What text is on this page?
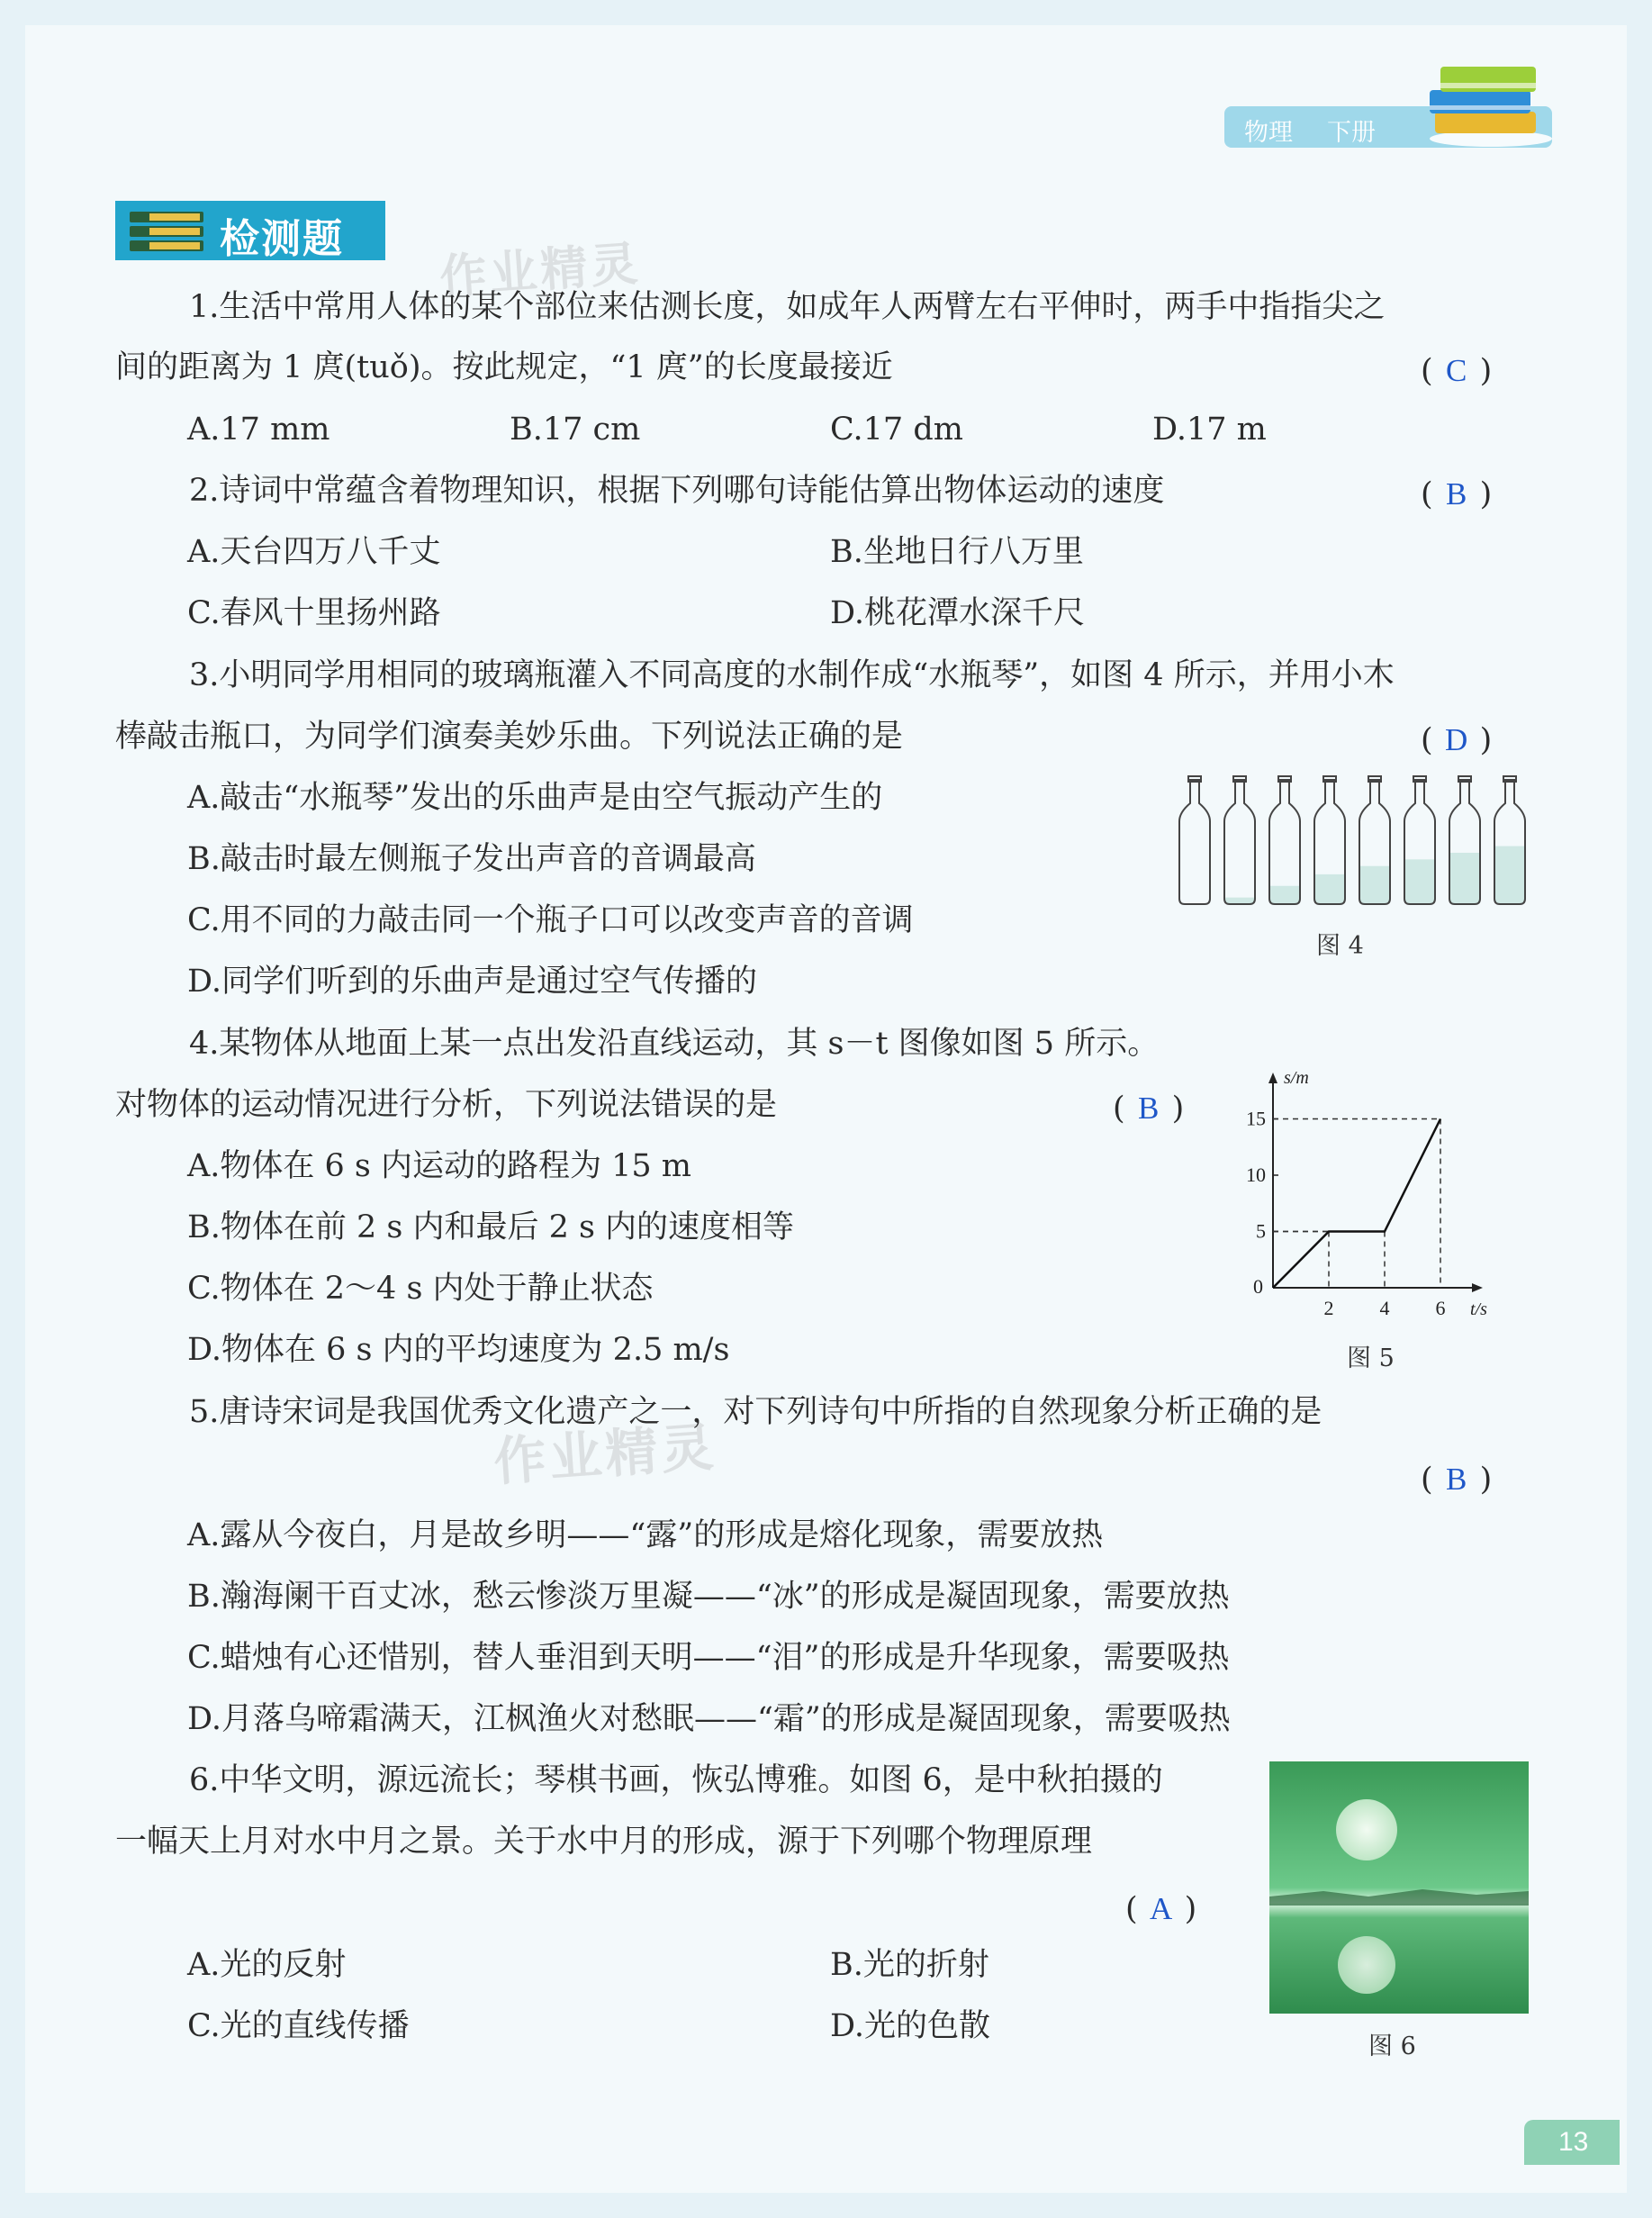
物理 下册
检测题 作业精灵
作业精灵
1.生活中常用人体的某个部位来估测长度，如成年人两臂左右平伸时，两手中指指尖之
间的距离为 1 庹(tuǒ)。按此规定，“1 庹”的长度最接近	( C )
A.17 mm	B.17 cm	C.17 dm	D.17 m
2.诗词中常蕴含着物理知识，根据下列哪句诗能估算出物体运动的速度	( B )
A.天台四万八千丈	B.坐地日行八万里
C.春风十里扬州路	D.桃花潭水深千尺
3.小明同学用相同的玻璃瓶灌入不同高度的水制作成“水瓶琴”，如图 4 所示，并用小木
棒敲击瓶口，为同学们演奏美妙乐曲。下列说法正确的是	( D )
A.敲击“水瓶琴”发出的乐曲声是由空气振动产生的
B.敲击时最左侧瓶子发出声音的音调最高
C.用不同的力敲击同一个瓶子口可以改变声音的音调
D.同学们听到的乐曲声是通过空气传播的
图 4
4.某物体从地面上某一点出发沿直线运动，其 s－t 图像如图 5 所示。
对物体的运动情况进行分析，下列说法错误的是	( B )
A.物体在 6 s 内运动的路程为 15 m
B.物体在前 2 s 内和最后 2 s 内的速度相等
C.物体在 2～4 s 内处于静止状态
D.物体在 6 s 内的平均速度为 2.5 m/s
s/m
t/s
0
5
10
15
2 4 6
图 5
5.唐诗宋词是我国优秀文化遗产之一，对下列诗句中所指的自然现象分析正确的是
( B )
A.露从今夜白，月是故乡明——“露”的形成是熔化现象，需要放热
B.瀚海阑干百丈冰，愁云惨淡万里凝——“冰”的形成是凝固现象，需要放热
C.蜡烛有心还惜别，替人垂泪到天明——“泪”的形成是升华现象，需要吸热
D.月落乌啼霜满天，江枫渔火对愁眠——“霜”的形成是凝固现象，需要吸热
6.中华文明，源远流长；琴棋书画，恢弘博雅。如图 6，是中秋拍摄的
一幅天上月对水中月之景。关于水中月的形成，源于下列哪个物理原理
( A )
A.光的反射	B.光的折射
C.光的直线传播	D.光的色散
图 6
13
